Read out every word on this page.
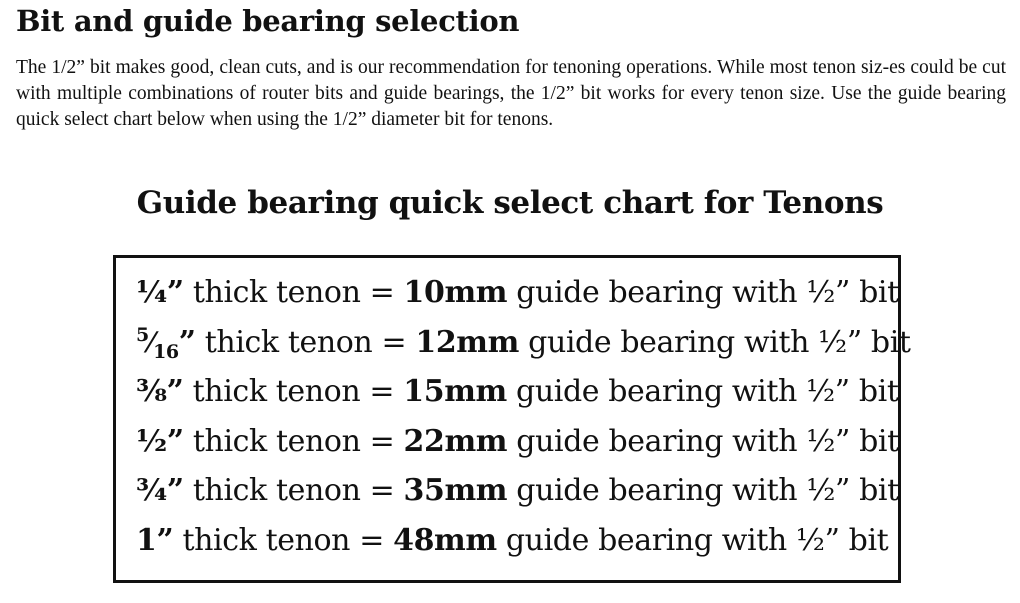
Bit and guide bearing selection

The 1/2” bit makes good, clean cuts, and is our recommendation for tenoning operations. While most tenon siz-es could be cut with multiple combinations of router bits and guide bearings, the 1/2” bit works for every tenon size. Use the guide bearing quick select chart below when using the 1/2” diameter bit for tenons.

Guide bearing quick select chart for Tenons
¼” thick tenon = 10mm guide bearing with ½” bit
$^5⁄_{16}$” thick tenon = 12mm guide bearing with ½” bit
⅜” thick tenon = 15mm guide bearing with ½” bit
½” thick tenon = 22mm guide bearing with ½” bit
¾” thick tenon = 35mm guide bearing with ½” bit
1” thick tenon = 48mm guide bearing with ½” bit
